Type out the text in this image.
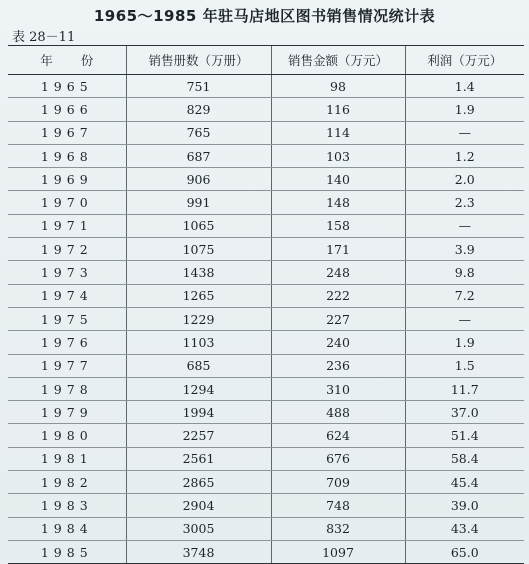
1965～1985 年驻马店地区图书销售情况统计表
表 28－11
年 份	销售册数（万册）	销售金额（万元）	利润（万元）
1965	751	98	1.4
1966	829	116	1.9
1967	765	114	—
1968	687	103	1.2
1969	906	140	2.0
1970	991	148	2.3
1971	1065	158	—
1972	1075	171	3.9
1973	1438	248	9.8
1974	1265	222	7.2
1975	1229	227	—
1976	1103	240	1.9
1977	685	236	1.5
1978	1294	310	11.7
1979	1994	488	37.0
1980	2257	624	51.4
1981	2561	676	58.4
1982	2865	709	45.4
1983	2904	748	39.0
1984	3005	832	43.4
1985	3748	1097	65.0
